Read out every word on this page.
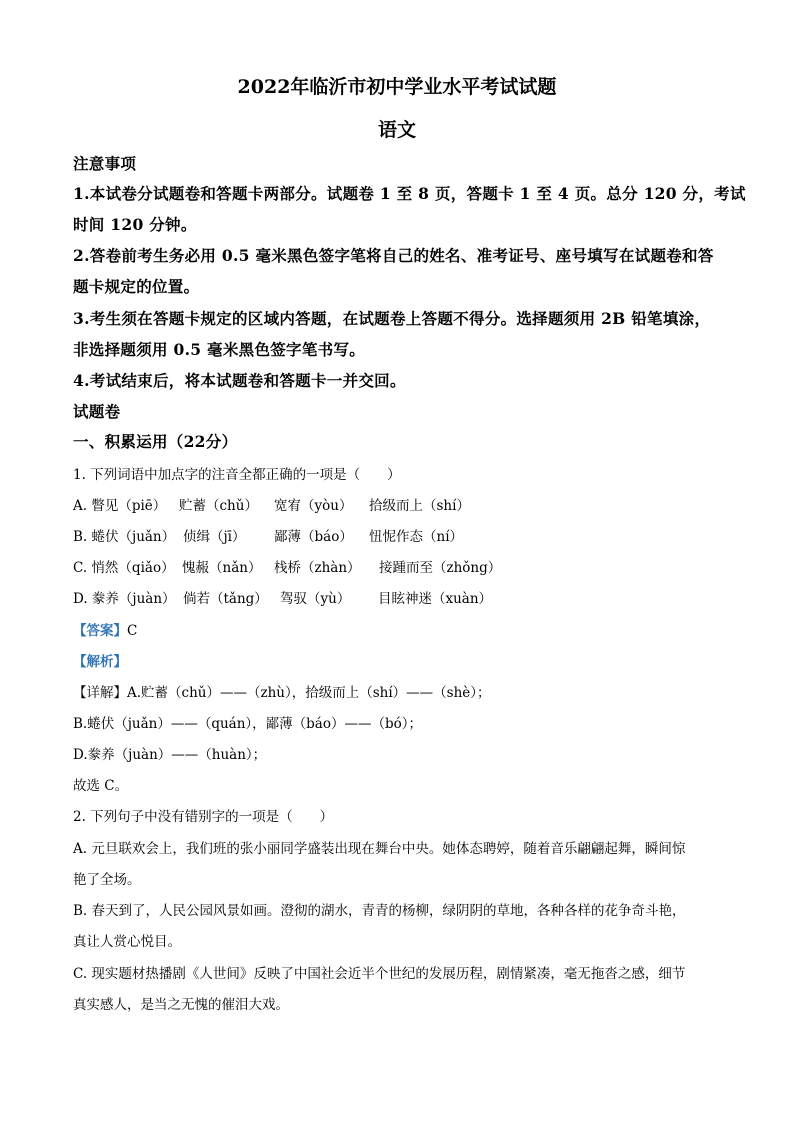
2022年临沂市初中学业水平考试试题
语文
注意事项
1.本试卷分试题卷和答题卡两部分。试题卷 1 至 8 页，答题卡 1 至 4 页。总分 120 分，考试
时间 120 分钟。
2.答卷前考生务必用 0.5 毫米黑色签字笔将自己的姓名、准考证号、座号填写在试题卷和答
题卡规定的位置。
3.考生须在答题卡规定的区域内答题，在试题卷上答题不得分。选择题须用 2B 铅笔填涂，
非选择题须用 0.5 毫米黑色签字笔书写。
4.考试结束后，将本试题卷和答题卡一并交回。
试题卷
一、积累运用（22分）
1. 下列词语中加点字的注音全都正确的一项是（　　）
A. 瞥见（piē） 贮蓄（chǔ） 宽宥（yòu） 拾级而上（shí）
B. 蜷伏（juǎn） 侦缉（jī） 鄙薄（báo） 忸怩作态（ní）
C. 悄然（qiǎo） 愧赧（nǎn） 栈桥（zhàn） 接踵而至（zhǒng）
D. 豢养（juàn） 倘若（tǎng） 驾驭（yù） 目眩神迷（xuàn）
【答案】C
【解析】
【详解】A.贮蓄（chǔ）——（zhù），拾级而上（shí）——（shè）；
B.蜷伏（juǎn）——（quán），鄙薄（báo）——（bó）；
D.豢养（juàn）——（huàn）；
故选 C。
2. 下列句子中没有错别字的一项是（　　）
A. 元旦联欢会上，我们班的张小丽同学盛装出现在舞台中央。她体态聘婷，随着音乐翩翩起舞，瞬间惊
艳了全场。
B. 春天到了，人民公园风景如画。澄彻的湖水，青青的杨柳，绿阴阴的草地，各种各样的花争奇斗艳，
真让人赏心悦目。
C. 现实题材热播剧《人世间》反映了中国社会近半个世纪的发展历程，剧情紧凑，毫无拖沓之感，细节
真实感人，是当之无愧的催泪大戏。
